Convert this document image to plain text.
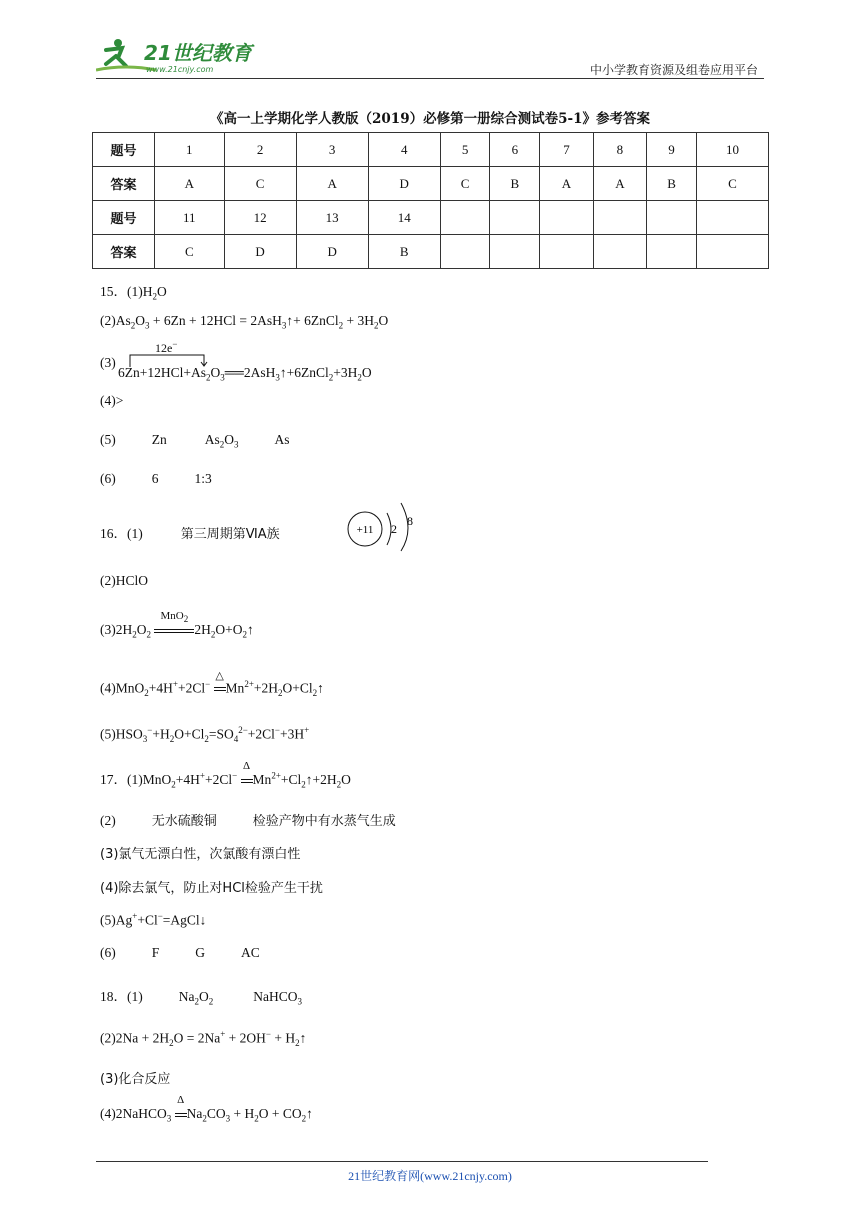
21世纪教育
www.21cnjy.com	中小学教育资源及组卷应用平台
《高一上学期化学人教版（2019）必修第一册综合测试卷5-1》参考答案
题号	1	2	3	4	5	6	7	8	9	10
答案	A	C	A	D	C	B	A	A	B	C
题号	11	12	13	14						
答案	C	D	D	B						
15．$(1)H_2O$
$(2)As_2O_3 + 6Zn + 12HCl$ = 2AsH$_3$↑+ 6ZnCl$_2$ + $3H_2O$
(3)
12e−
$6Zn+12HCl+As_2O_3══2AsH_3↑+6ZnCl_2+3H_2O$
(4)>
(5)	Zn	$As_2O_3$	As
(6)	6	1:3
16．(1)	第三周期第ⅥA族	+11 2
8
(2)HClO
$(3)2H_2O_2$
MnO$_2$
$2H_2O+O_2↑$
(4)MnO$_2$+4H++2Cl−
△
$Mn^{2+}+2H_2O+Cl_2↑$
$(5)HSO_3^-+H_2O+Cl_2=SO_4^{2-}+2Cl^-+3H^+$
17．(1)MnO$_2$+4H++2Cl−
Δ
$Mn^{2+}+Cl_2↑+2H_2O$
(2)	无水硫酸铜	检验产物中有水蒸气生成
(3)氯气无漂白性，次氯酸有漂白性
(4)除去氯气，防止对HCl检验产生干扰
(5)Ag++Cl−=AgCl↓
(6)	F	G	AC
18．(1)	$Na_2O_2$	NaHCO$_3$
$(2)2Na + 2H_2O = 2Na^+ + 2OH^-$ + $H_2↑$
(3)化合反应
(4)2NaHCO$_3$
Δ
$Na_2CO_3 + H_2O$ + $CO_2↑$
21世纪教育网(www.21cnjy.com)
